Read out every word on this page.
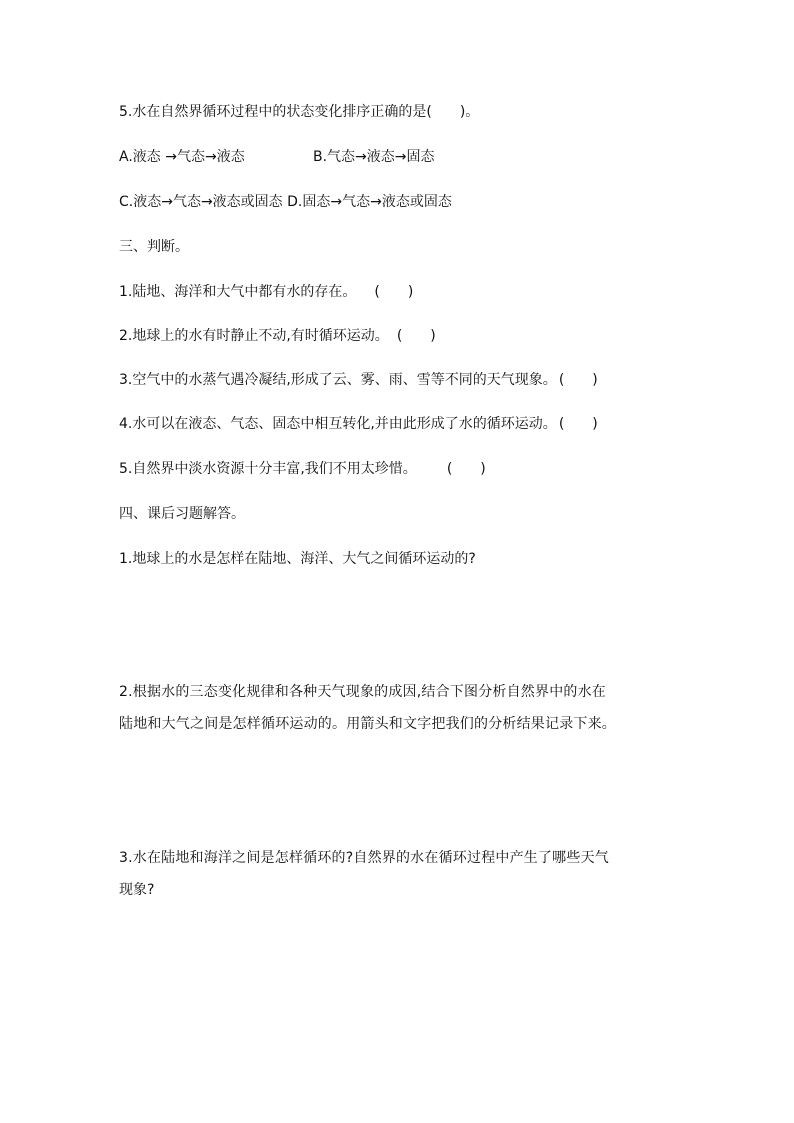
5.水在自然界循环过程中的状态变化排序正确的是(　　)。
A.液态 →气态→液态	B.气态→液态→固态
C.液态→气态→液态或固态 D.固态→气态→液态或固态
三、判断。
1.陆地、海洋和大气中都有水的存在。 (　　)
2.地球上的水有时静止不动,有时循环运动。 (　　)
3.空气中的水蒸气遇冷凝结,形成了云、雾、雨、雪等不同的天气现象。 (　　)
4.水可以在液态、气态、固态中相互转化,并由此形成了水的循环运动。 (　　)
5.自然界中淡水资源十分丰富,我们不用太珍惜。 (　　)
四、课后习题解答。
1.地球上的水是怎样在陆地、海洋、大气之间循环运动的?
2.根据水的三态变化规律和各种天气现象的成因,结合下图分析自然界中的水在
陆地和大气之间是怎样循环运动的。用箭头和文字把我们的分析结果记录下来。
3.水在陆地和海洋之间是怎样循环的?自然界的水在循环过程中产生了哪些天气
现象?
